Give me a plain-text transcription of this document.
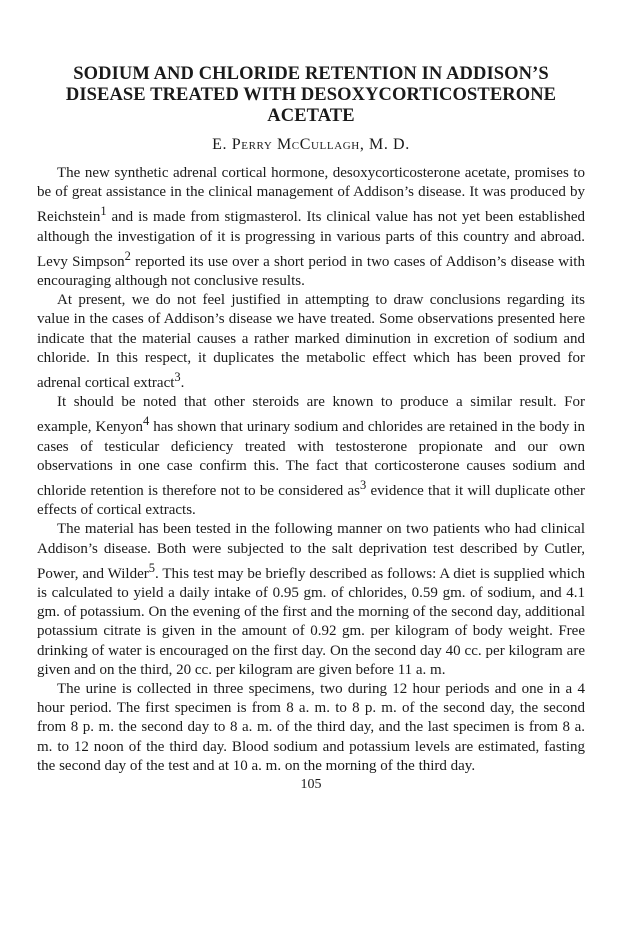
SODIUM AND CHLORIDE RETENTION IN ADDISON’S
DISEASE TREATED WITH DESOXYCORTICOSTERONE
ACETATE
E. Perry McCullagh, M. D.

The new synthetic adrenal cortical hormone, desoxycorticosterone acetate, promises to be of great assistance in the clinical management of Addison’s disease. It was produced by Reichstein$^1$ and is made from stigmasterol. Its clinical value has not yet been established although the investigation of it is progressing in various parts of this country and abroad. Levy Simpson$^2$ reported its use over a short period in two cases of Addison’s disease with encouraging although not conclusive results.

At present, we do not feel justified in attempting to draw conclusions regarding its value in the cases of Addison’s disease we have treated. Some observations presented here indicate that the material causes a rather marked diminution in excretion of sodium and chloride. In this respect, it duplicates the metabolic effect which has been proved for adrenal cortical extract$^3$.

It should be noted that other steroids are known to produce a similar result. For example, Kenyon$^4$ has shown that urinary sodium and chlorides are retained in the body in cases of testicular deficiency treated with testosterone propionate and our own observations in one case confirm this. The fact that corticosterone causes sodium and chloride retention is therefore not to be considered $as^3$ evidence that it will duplicate other effects of cortical extracts.

The material has been tested in the following manner on two patients who had clinical Addison’s disease. Both were subjected to the salt deprivation test described by Cutler, Power, and Wilder$^5$. This test may be briefly described as follows: A diet is supplied which is calculated to yield a daily intake of 0.95 gm. of chlorides, 0.59 gm. of sodium, and 4.1 gm. of potassium. On the evening of the first and the morning of the second day, additional potassium citrate is given in the amount of 0.92 gm. per kilogram of body weight. Free drinking of water is encouraged on the first day. On the second day 40 cc. per kilogram are given and on the third, 20 cc. per kilogram are given before 11 a. m.

The urine is collected in three specimens, two during 12 hour periods and one in a 4 hour period. The first specimen is from 8 a. m. to 8 p. m. of the second day, the second from 8 p. m. the second day to 8 a. m. of the third day, and the last specimen is from 8 a. m. to 12 noon of the third day. Blood sodium and potassium levels are estimated, fasting the second day of the test and at 10 a. m. on the morning of the third day.

105
